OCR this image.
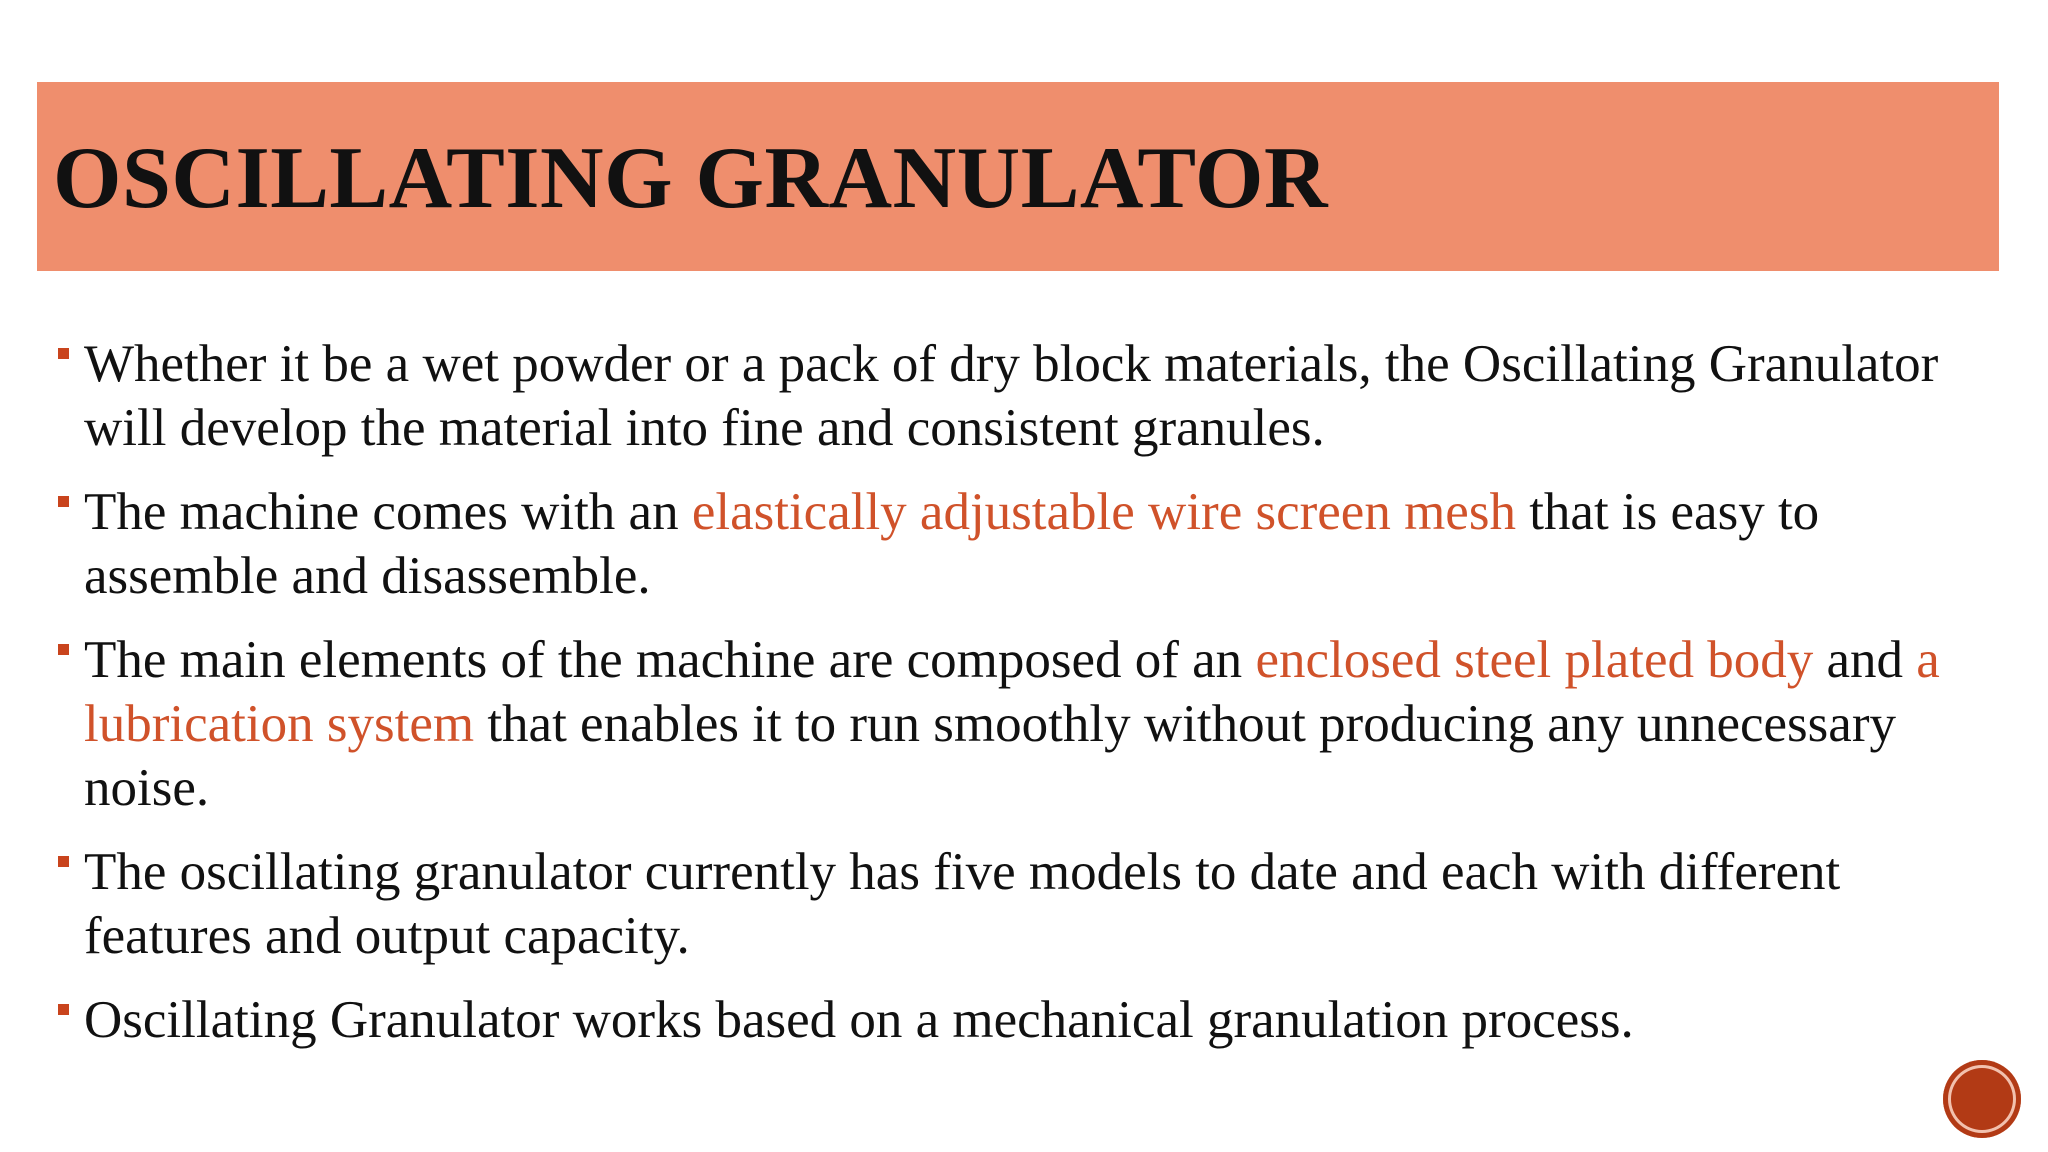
OSCILLATING GRANULATOR
Whether it be a wet powder or a pack of dry block materials, the Oscillating Granulator will develop the material into fine and consistent granules.
The machine comes with an elastically adjustable wire screen mesh that is easy to assemble and disassemble.
The main elements of the machine are composed of an enclosed steel plated body and a lubrication system that enables it to run smoothly without producing any unnecessary noise.
The oscillating granulator currently has five models to date and each with different features and output capacity.
Oscillating Granulator works based on a mechanical granulation process.
